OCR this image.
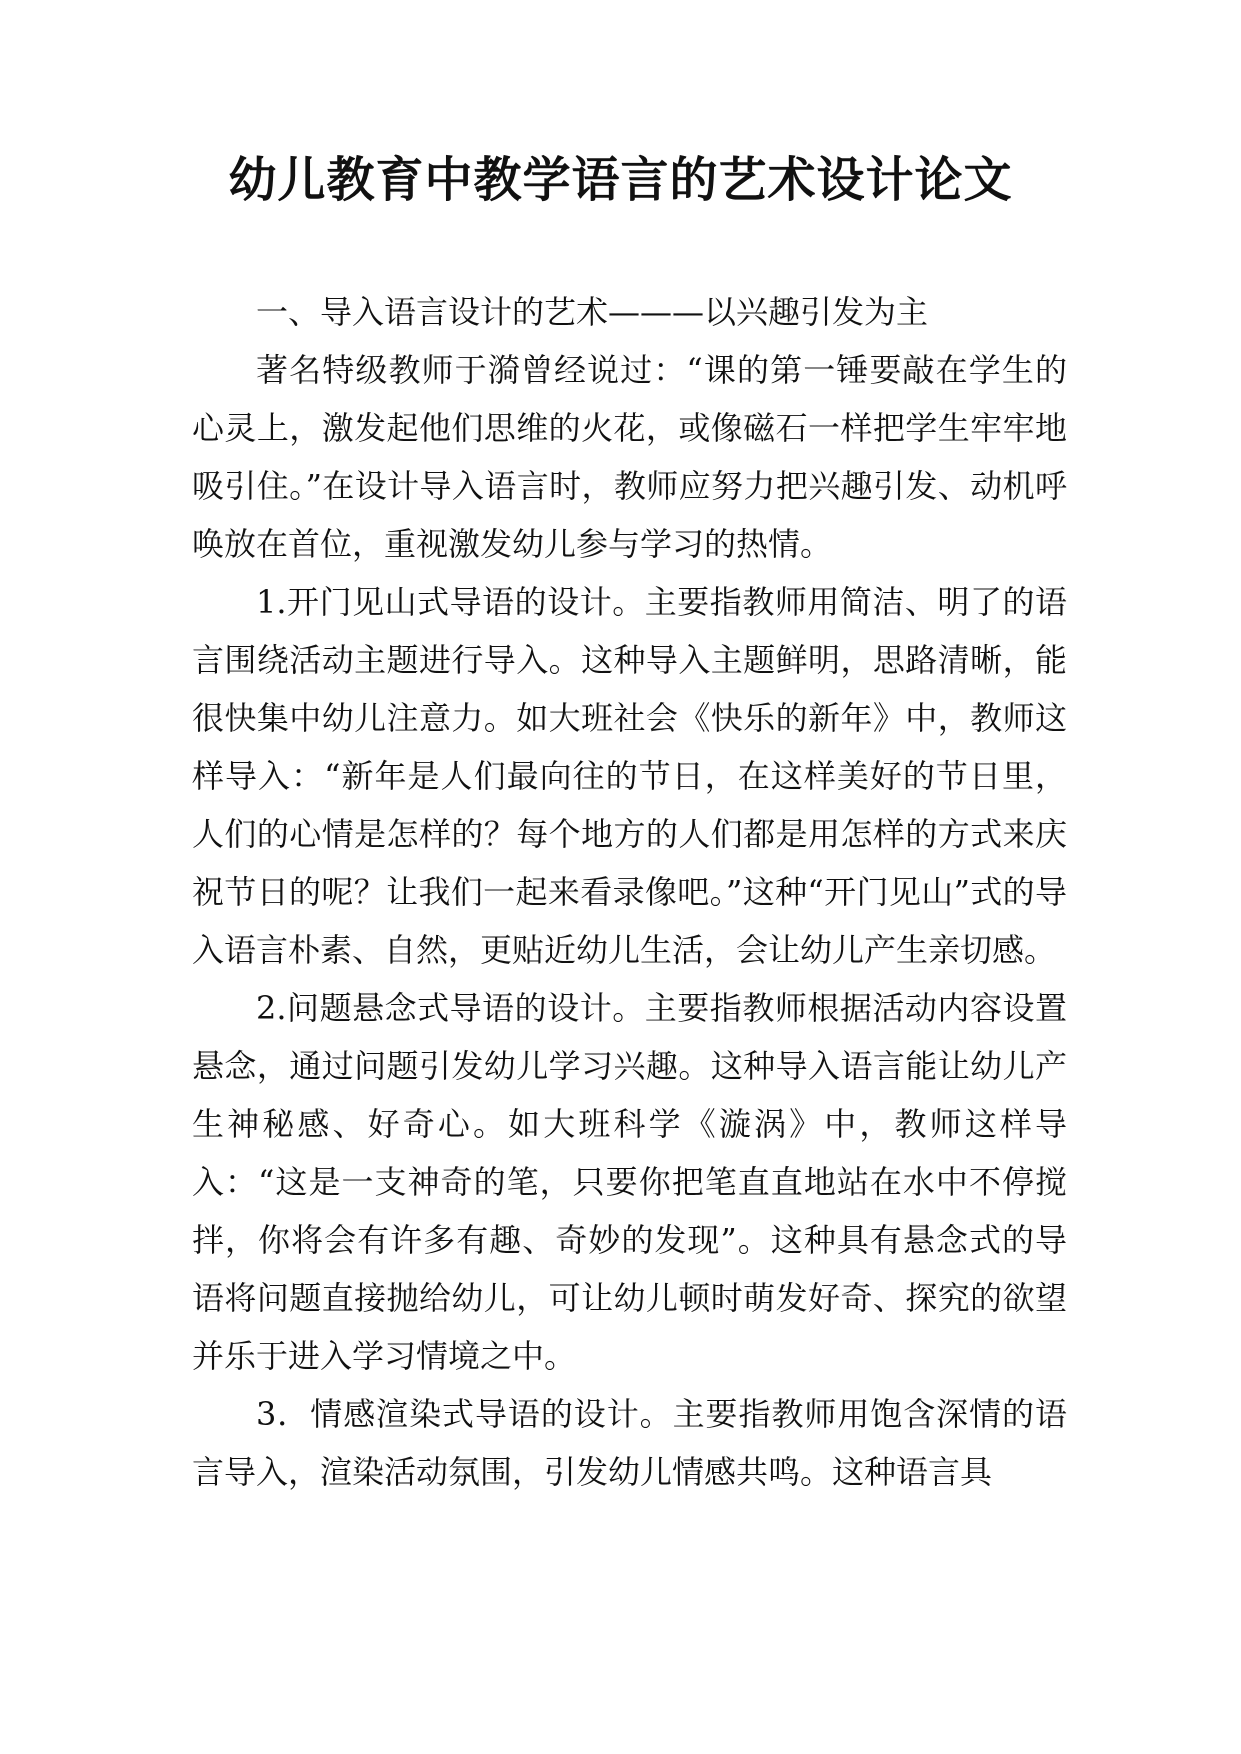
幼儿教育中教学语言的艺术设计论文

一、导入语言设计的艺术———以兴趣引发为主

著名特级教师于漪曾经说过：“课的第一锤要敲在学生的心灵上，激发起他们思维的火花，或像磁石一样把学生牢牢地吸引住。”在设计导入语言时，教师应努力把兴趣引发、动机呼唤放在首位，重视激发幼儿参与学习的热情。

1.开门见山式导语的设计。主要指教师用简洁、明了的语言围绕活动主题进行导入。这种导入主题鲜明，思路清晰，能很快集中幼儿注意力。如大班社会《快乐的新年》中，教师这样导入：“新年是人们最向往的节日，在这样美好的节日里，人们的心情是怎样的？每个地方的人们都是用怎样的方式来庆祝节日的呢？让我们一起来看录像吧。”这种“开门见山”式的导入语言朴素、自然，更贴近幼儿生活，会让幼儿产生亲切感。

2.问题悬念式导语的设计。主要指教师根据活动内容设置悬念，通过问题引发幼儿学习兴趣。这种导入语言能让幼儿产生神秘感、好奇心。如大班科学《漩涡》中，教师这样导入：“这是一支神奇的笔，只要你把笔直直地站在水中不停搅拌，你将会有许多有趣、奇妙的发现”。这种具有悬念式的导语将问题直接抛给幼儿，可让幼儿顿时萌发好奇、探究的欲望并乐于进入学习情境之中。

3．情感渲染式导语的设计。主要指教师用饱含深情的语言导入，渲染活动氛围，引发幼儿情感共鸣。这种语言具
